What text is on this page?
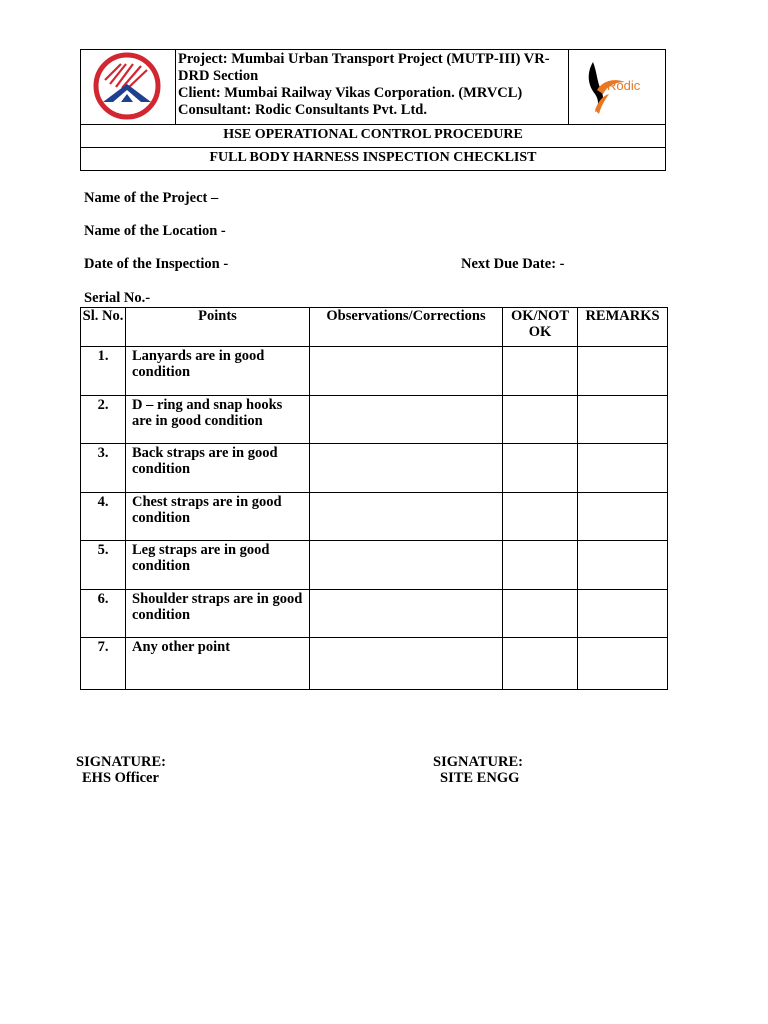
Project: Mumbai Urban Transport Project (MUTP-III) VR-DRD Section
Client: Mumbai Railway Vikas Corporation. (MRVCL)
Consultant: Rodic Consultants Pvt. Ltd.
Rodic
HSE OPERATIONAL CONTROL PROCEDURE
FULL BODY HARNESS INSPECTION CHECKLIST
Name of the Project –
Name of the Location -
Date of the Inspection -	Next Due Date: -
Serial No.-
Sl. No.	Points	Observations/Corrections	OK/NOT OK	REMARKS
1.	Lanyards are in good condition			
2.	D – ring and snap hooks are in good condition			
3.	Back straps are in good condition			
4.	Chest straps are in good condition			
5.	Leg straps are in good condition			
6.	Shoulder straps are in good condition			
7.	Any other point			
SIGNATURE:
EHS Officer
SIGNATURE:
SITE ENGG
